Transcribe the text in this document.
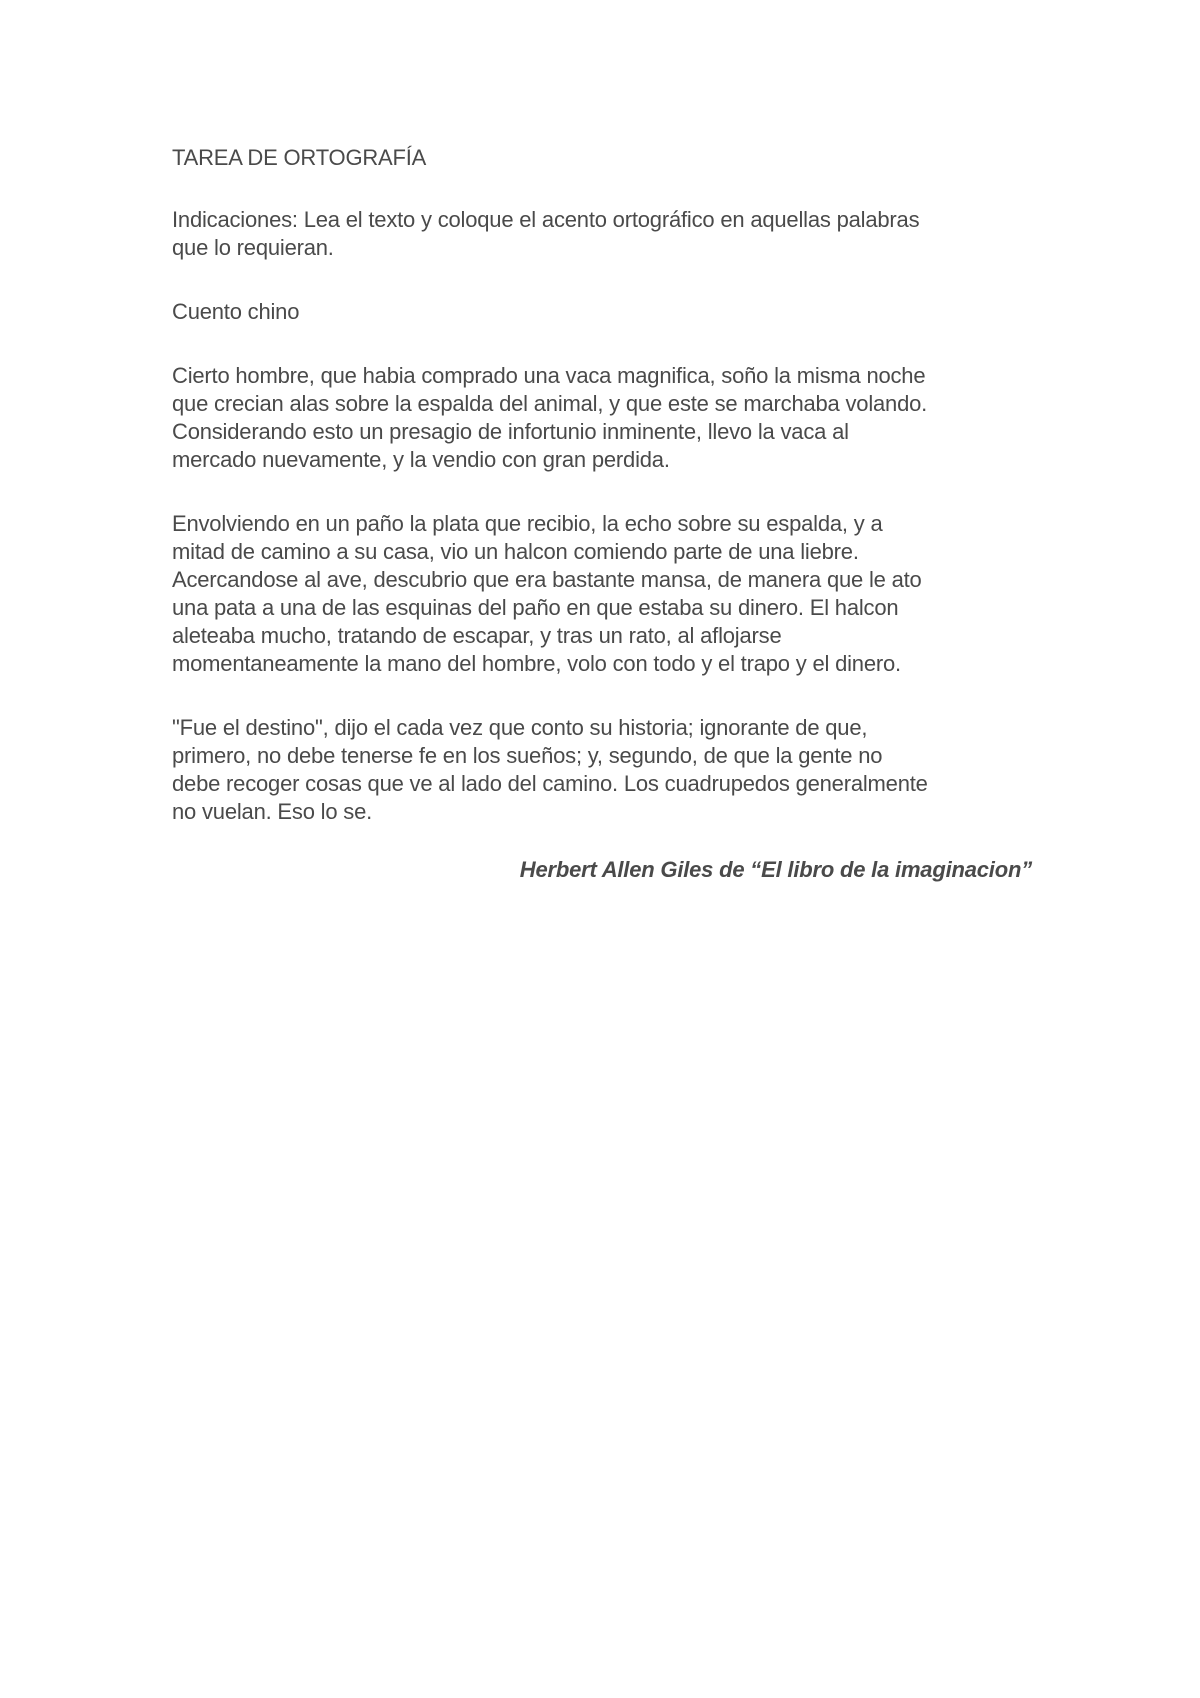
TAREA DE ORTOGRAFÍA
Indicaciones: Lea el texto y coloque el acento ortográfico en aquellas palabras
que lo requieran.
Cuento chino
Cierto hombre, que habia comprado una vaca magnifica, soño la misma noche
que crecian alas sobre la espalda del animal, y que este se marchaba volando.
Considerando esto un presagio de infortunio inminente, llevo la vaca al
mercado nuevamente, y la vendio con gran perdida.
Envolviendo en un paño la plata que recibio, la echo sobre su espalda, y a
mitad de camino a su casa, vio un halcon comiendo parte de una liebre.
Acercandose al ave, descubrio que era bastante mansa, de manera que le ato
una pata a una de las esquinas del paño en que estaba su dinero. El halcon
aleteaba mucho, tratando de escapar, y tras un rato, al aflojarse
momentaneamente la mano del hombre, volo con todo y el trapo y el dinero.
"Fue el destino", dijo el cada vez que conto su historia; ignorante de que,
primero, no debe tenerse fe en los sueños; y, segundo, de que la gente no
debe recoger cosas que ve al lado del camino. Los cuadrupedos generalmente
no vuelan. Eso lo se.
Herbert Allen Giles de “El libro de la imaginacion”
